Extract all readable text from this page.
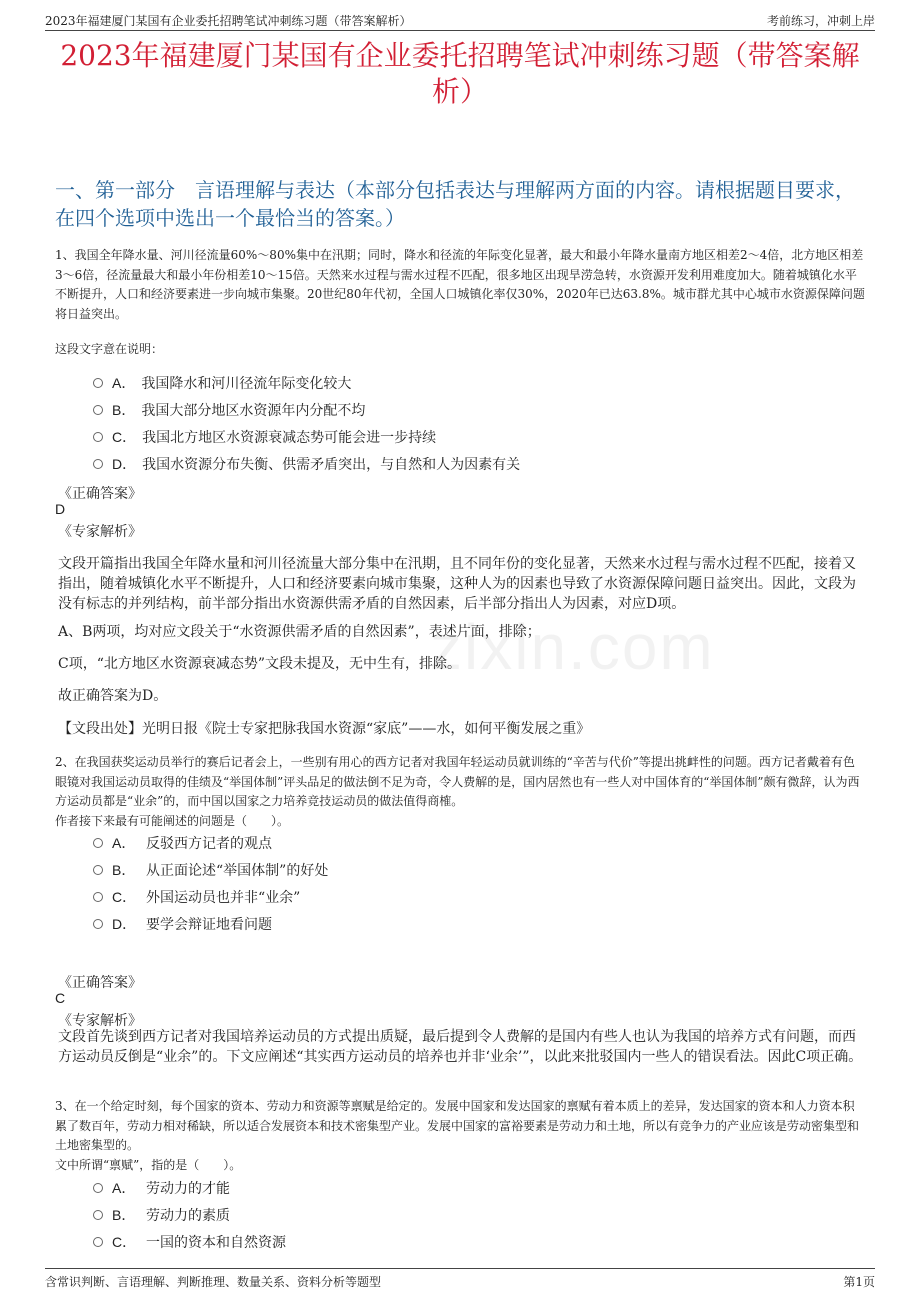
2023年福建厦门某国有企业委托招聘笔试冲刺练习题（带答案解析）	考前练习，冲刺上岸
2023年福建厦门某国有企业委托招聘笔试冲刺练习题（带答案解析）
一、第一部分　言语理解与表达（本部分包括表达与理解两方面的内容。请根据题目要求，在四个选项中选出一个最恰当的答案。）
zixin.com
1、我国全年降水量、河川径流量60%～80%集中在汛期；同时，降水和径流的年际变化显著，最大和最小年降水量南方地区相差2～4倍，北方地区相差3～6倍，径流量最大和最小年份相差10～15倍。天然来水过程与需水过程不匹配，很多地区出现旱涝急转，水资源开发利用难度加大。随着城镇化水平不断提升，人口和经济要素进一步向城市集聚。20世纪80年代初，全国人口城镇化率仅30%，2020年已达63.8%。城市群尤其中心城市水资源保障问题将日益突出。
这段文字意在说明：
A． 我国降水和河川径流年际变化较大
B． 我国大部分地区水资源年内分配不均
C． 我国北方地区水资源衰减态势可能会进一步持续
D． 我国水资源分布失衡、供需矛盾突出，与自然和人为因素有关
《正确答案》
D
《专家解析》
文段开篇指出我国全年降水量和河川径流量大部分集中在汛期，且不同年份的变化显著，天然来水过程与需水过程不匹配，接着又指出，随着城镇化水平不断提升，人口和经济要素向城市集聚，这种人为的因素也导致了水资源保障问题日益突出。因此，文段为没有标志的并列结构，前半部分指出水资源供需矛盾的自然因素，后半部分指出人为因素，对应D项。
A、B两项，均对应文段关于“水资源供需矛盾的自然因素”，表述片面，排除；
C项，“北方地区水资源衰减态势”文段未提及，无中生有，排除。
故正确答案为D。
【文段出处】光明日报《院士专家把脉我国水资源“家底”——水，如何平衡发展之重》
2、在我国获奖运动员举行的赛后记者会上，一些别有用心的西方记者对我国年轻运动员就训练的“辛苦与代价”等提出挑衅性的问题。西方记者戴着有色眼镜对我国运动员取得的佳绩及“举国体制”评头品足的做法倒不足为奇，令人费解的是，国内居然也有一些人对中国体育的“举国体制”颇有微辞，认为西方运动员都是“业余”的，而中国以国家之力培养竞技运动员的做法值得商榷。
作者接下来最有可能阐述的问题是（　　）。
A． 反驳西方记者的观点
B． 从正面论述“举国体制”的好处
C． 外国运动员也并非“业余”
D． 要学会辩证地看问题
《正确答案》
C
《专家解析》
文段首先谈到西方记者对我国培养运动员的方式提出质疑，最后提到令人费解的是国内有些人也认为我国的培养方式有问题，而西方运动员反倒是“业余”的。下文应阐述“其实西方运动员的培养也并非‘业余’”，以此来批驳国内一些人的错误看法。因此C项正确。
3、在一个给定时刻，每个国家的资本、劳动力和资源等禀赋是给定的。发展中国家和发达国家的禀赋有着本质上的差异，发达国家的资本和人力资本积累了数百年，劳动力相对稀缺，所以适合发展资本和技术密集型产业。发展中国家的富裕要素是劳动力和土地，所以有竞争力的产业应该是劳动密集型和土地密集型的。
文中所谓“禀赋”，指的是（　　）。
A． 劳动力的才能
B． 劳动力的素质
C． 一国的资本和自然资源
含常识判断、言语理解、判断推理、数量关系、资料分析等题型	第1页
